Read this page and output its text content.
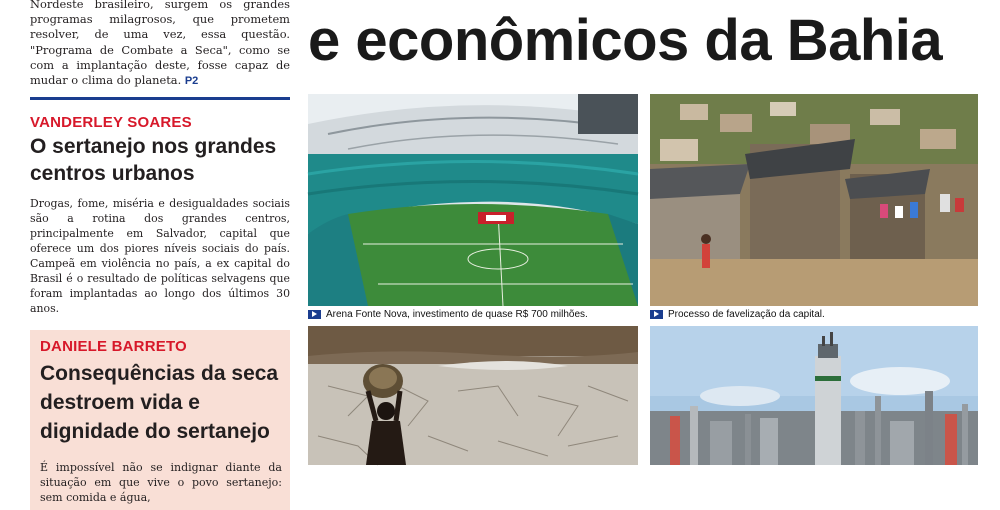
Nordeste brasileiro, surgem os grandes programas milagrosos, que prometem resolver, de uma vez, essa questão. "Programa de Combate a Seca", como se com a implantação deste, fosse capaz de mudar o clima do planeta. P2

VANDERLEY SOARES
O sertanejo nos grandes centros urbanos

Drogas, fome, miséria e desigualdades sociais são a rotina dos grandes centros, principalmente em Salvador, capital que oferece um dos piores níveis sociais do país. Campeã em violência no país, a ex capital do Brasil é o resultado de políticas selvagens que foram implantadas ao longo dos últimos 30 anos.

DANIELE BARRETO
Consequências da seca destroem vida e dignidade do sertanejo

É impossível não se indignar diante da situação em que vive o povo sertanejo: sem comida e água,

e econômicos da Bahia
Arena Fonte Nova, investimento de quase R$ 700 milhões.	Processo de favelização da capital.
